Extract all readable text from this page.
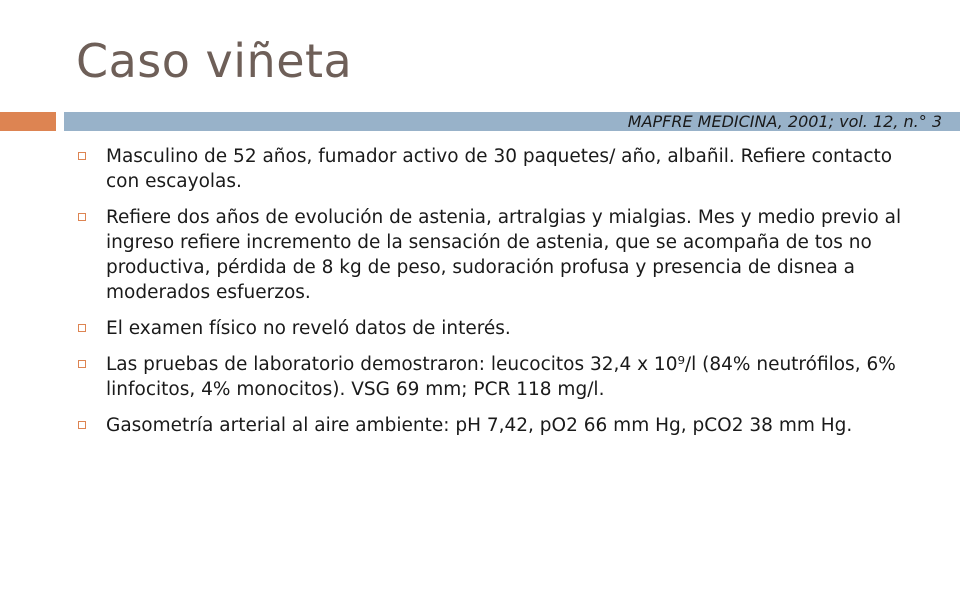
Caso viñeta
MAPFRE MEDICINA, 2001; vol. 12, n.° 3
Masculino de 52 años, fumador activo de 30 paquetes/ año, albañil. Refiere contacto con escayolas.
Refiere dos años de evolución de astenia, artralgias y mialgias. Mes y medio previo al ingreso refiere incremento de la sensación de astenia, que se acompaña de tos no productiva, pérdida de 8 kg de peso, sudoración profusa y presencia de disnea a moderados esfuerzos.
El examen físico no reveló datos de interés.
Las pruebas de laboratorio demostraron: leucocitos 32,4 x 10⁹/l (84% neutrófilos, 6% linfocitos, 4% monocitos). VSG 69 mm; PCR 118 mg/l.
Gasometría arterial al aire ambiente: pH 7,42, pO2 66 mm Hg, pCO2 38 mm Hg.
